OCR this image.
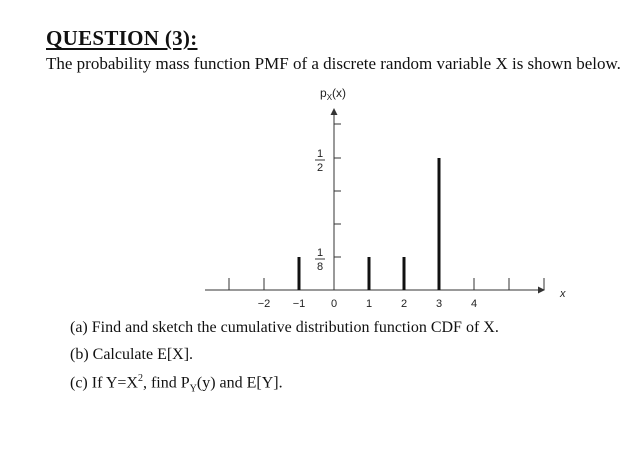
QUESTION (3):
The probability mass function PMF of a discrete random variable X is shown below.
$p_X(x)$
x
1
2
1
8
−2 −1 0	1	2	3	4
(a) Find and sketch the cumulative distribution function CDF of X.
(b) Calculate E[X].
(c) If $Y=X^2$, find $P_Y(y)$ and E[Y].
